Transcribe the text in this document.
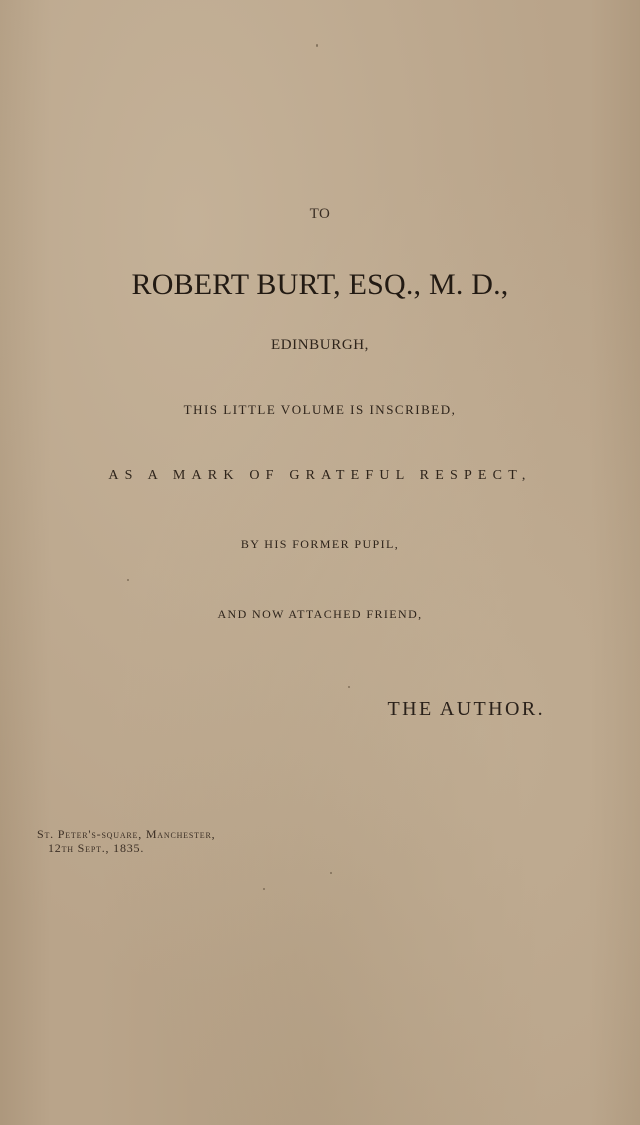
TO
ROBERT BURT, ESQ., M. D.,
EDINBURGH,
THIS LITTLE VOLUME IS INSCRIBED,
AS A MARK OF GRATEFUL RESPECT,
BY HIS FORMER PUPIL,
AND NOW ATTACHED FRIEND,
THE AUTHOR.
St. Peter's-square, Manchester,
12th Sept., 1835.
